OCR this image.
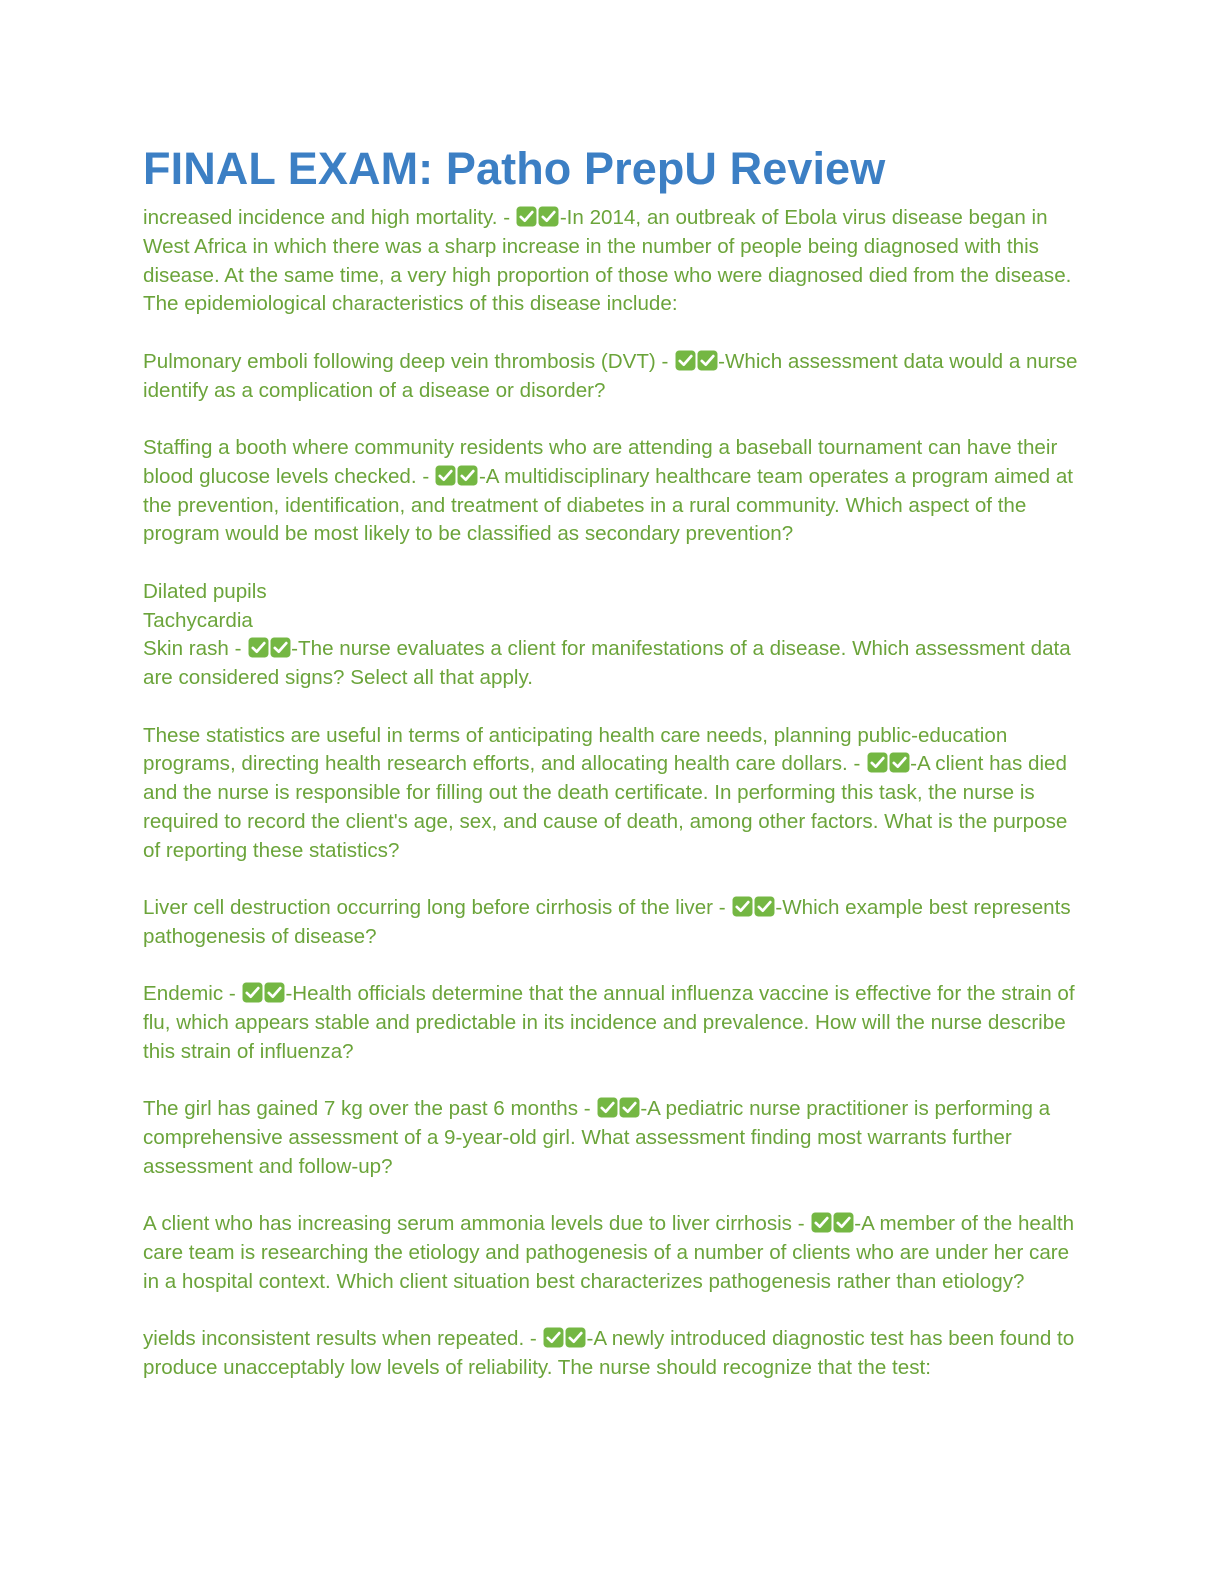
FINAL EXAM: Patho PrepU Review
increased incidence and high mortality. -
-In 2014, an outbreak of Ebola virus disease began in West Africa in which there was a sharp increase in the number of people being diagnosed with this disease. At the same time, a very high proportion of those who were diagnosed died from the disease. The epidemiological characteristics of this disease include:
Pulmonary emboli following deep vein thrombosis (DVT) -
-Which assessment data would a nurse identify as a complication of a disease or disorder?
Staffing a booth where community residents who are attending a baseball tournament can have their blood glucose levels checked. -
-A multidisciplinary healthcare team operates a program aimed at the prevention, identification, and treatment of diabetes in a rural community. Which aspect of the program would be most likely to be classified as secondary prevention?
Dilated pupils
Tachycardia
Skin rash -
-The nurse evaluates a client for manifestations of a disease. Which assessment data are considered signs? Select all that apply.
These statistics are useful in terms of anticipating health care needs, planning public-education programs, directing health research efforts, and allocating health care dollars. -
-A client has died and the nurse is responsible for filling out the death certificate. In performing this task, the nurse is required to record the client's age, sex, and cause of death, among other factors. What is the purpose of reporting these statistics?
Liver cell destruction occurring long before cirrhosis of the liver -
-Which example best represents pathogenesis of disease?
Endemic -
-Health officials determine that the annual influenza vaccine is effective for the strain of flu, which appears stable and predictable in its incidence and prevalence. How will the nurse describe this strain of influenza?
The girl has gained 7 kg over the past 6 months -
-A pediatric nurse practitioner is performing a comprehensive assessment of a 9-year-old girl. What assessment finding most warrants further assessment and follow-up?
A client who has increasing serum ammonia levels due to liver cirrhosis -
-A member of the health care team is researching the etiology and pathogenesis of a number of clients who are under her care in a hospital context. Which client situation best characterizes pathogenesis rather than etiology?
yields inconsistent results when repeated. -
-A newly introduced diagnostic test has been found to produce unacceptably low levels of reliability. The nurse should recognize that the test:
